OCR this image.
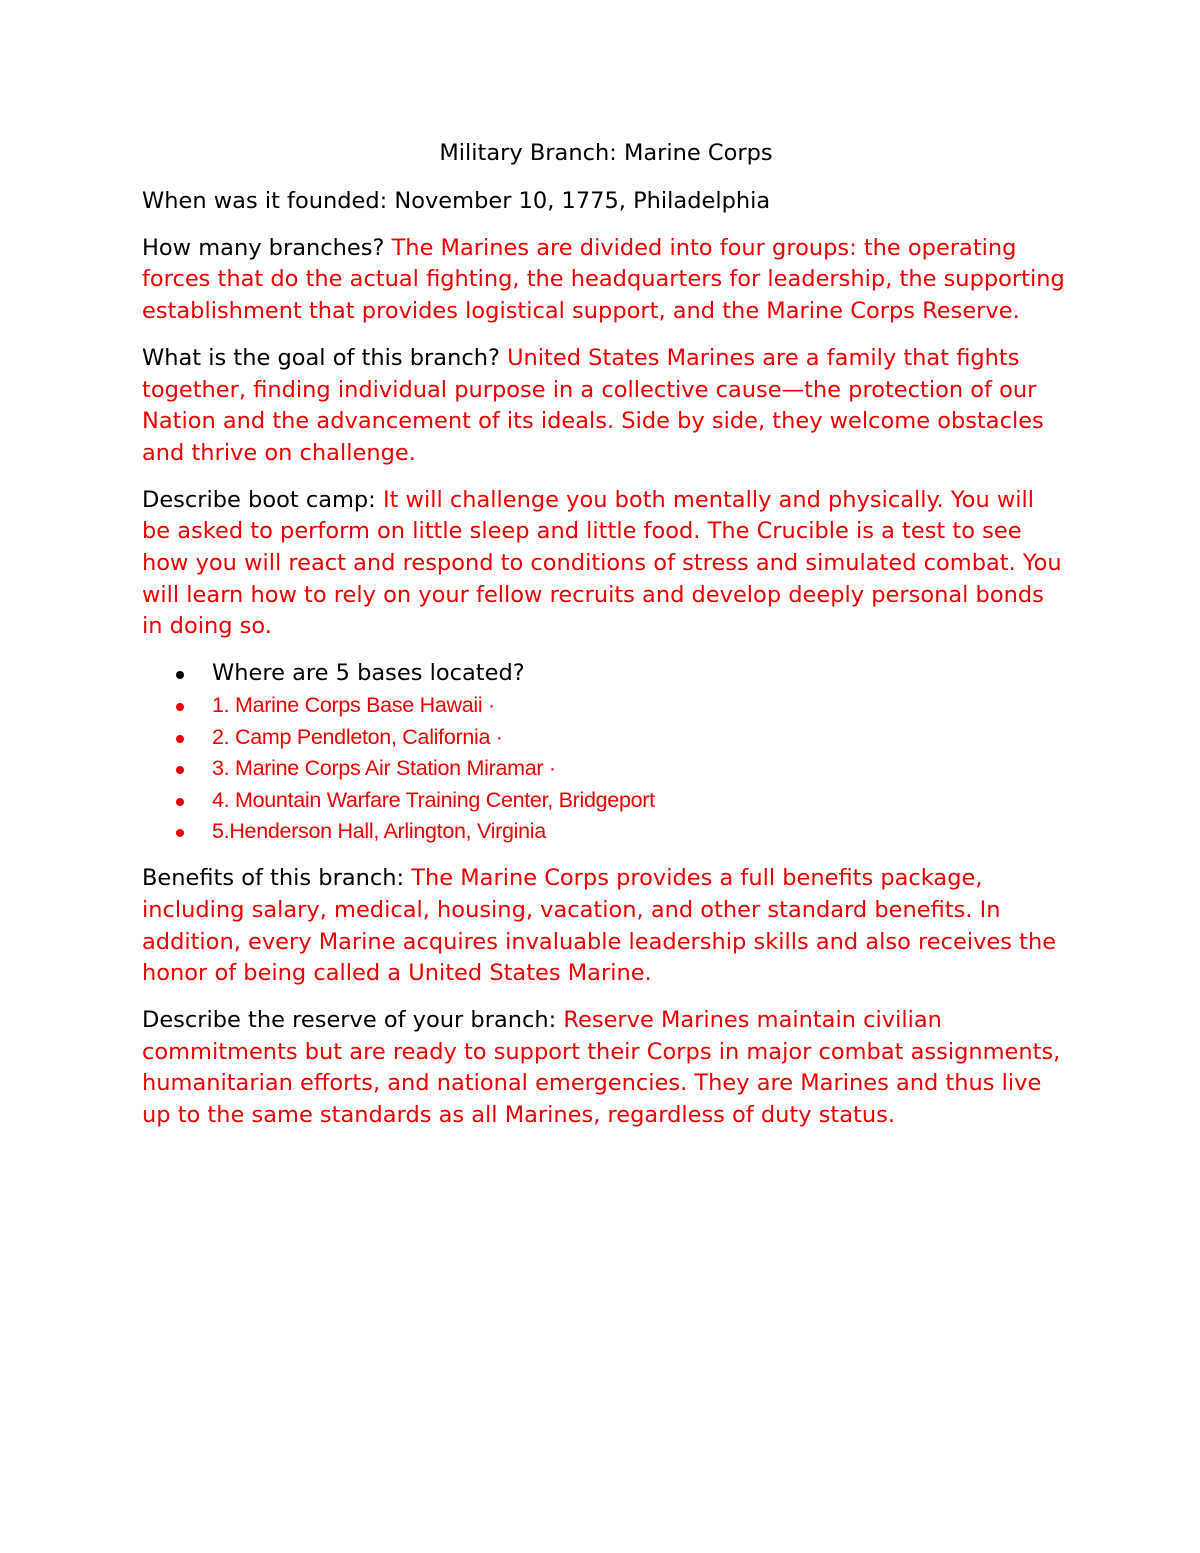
Military Branch: Marine Corps

When was it founded: November 10, 1775, Philadelphia

How many branches? The Marines are divided into four groups: the operating forces that do the actual fighting, the headquarters for leadership, the supporting establishment that provides logistical support, and the Marine Corps Reserve.

What is the goal of this branch? United States Marines are a family that fights together, finding individual purpose in a collective cause—the protection of our Nation and the advancement of its ideals. Side by side, they welcome obstacles and thrive on challenge.

Describe boot camp: It will challenge you both mentally and physically. You will be asked to perform on little sleep and little food. The Crucible is a test to see how you will react and respond to conditions of stress and simulated combat. You will learn how to rely on your fellow recruits and develop deeply personal bonds in doing so.

Where are 5 bases located?
1. Marine Corps Base Hawaii ·
2. Camp Pendleton, California ·
3. Marine Corps Air Station Miramar ·
4. Mountain Warfare Training Center, Bridgeport
5.Henderson Hall, Arlington, Virginia

Benefits of this branch: The Marine Corps provides a full benefits package, including salary, medical, housing, vacation, and other standard benefits. In addition, every Marine acquires invaluable leadership skills and also receives the honor of being called a United States Marine.

Describe the reserve of your branch: Reserve Marines maintain civilian commitments but are ready to support their Corps in major combat assignments, humanitarian efforts, and national emergencies. They are Marines and thus live up to the same standards as all Marines, regardless of duty status.
